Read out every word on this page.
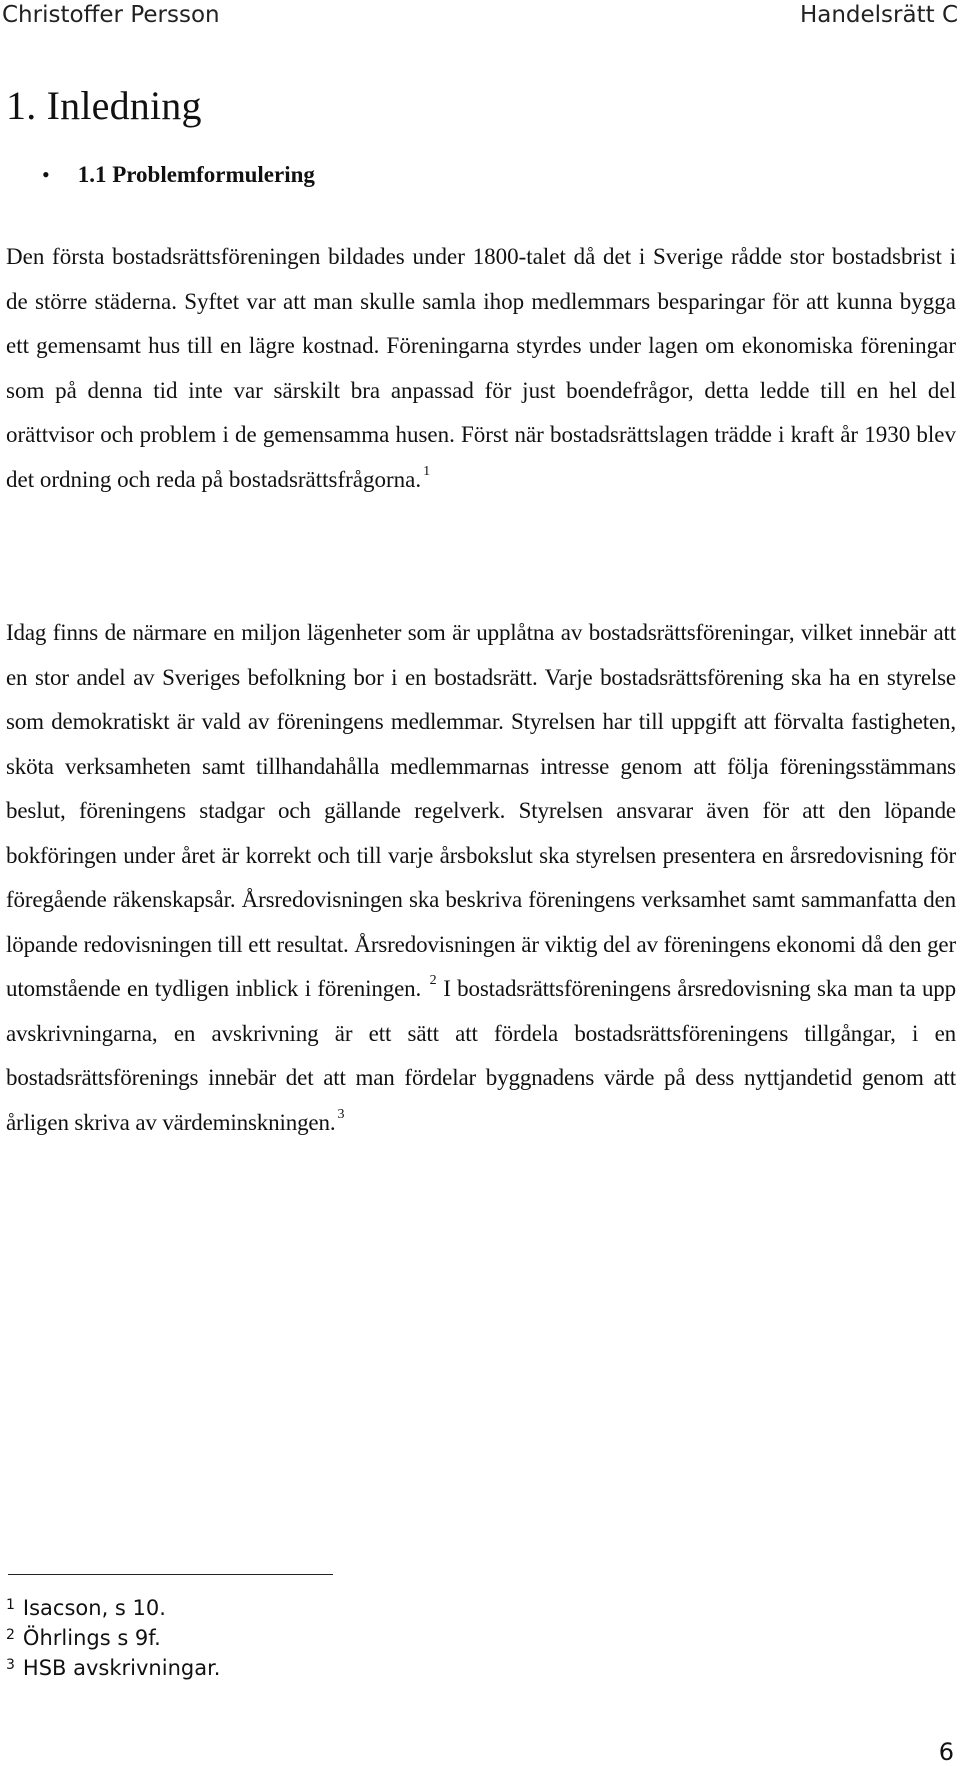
Christoffer Persson	Handelsrätt C
1. Inledning
• 1.1 Problemformulering

Den första bostadsrättsföreningen bildades under 1800-talet då det i Sverige rådde stor bostadsbrist i de större städerna. Syftet var att man skulle samla ihop medlemmars besparingar för att kunna bygga ett gemensamt hus till en lägre kostnad. Föreningarna styrdes under lagen om ekonomiska föreningar som på denna tid inte var särskilt bra anpassad för just boendefrågor, detta ledde till en hel del orättvisor och problem i de gemensamma husen. Först när bostadsrättslagen trädde i kraft år 1930 blev det ordning och reda på bostadsrättsfrågorna. $^1$

Idag finns de närmare en miljon lägenheter som är upplåtna av bostadsrättsföreningar, vilket innebär att en stor andel av Sveriges befolkning bor i en bostadsrätt. Varje bostadsrättsförening ska ha en styrelse som demokratiskt är vald av föreningens medlemmar. Styrelsen har till uppgift att förvalta fastigheten, sköta verksamheten samt tillhandahålla medlemmarnas intresse genom att följa föreningsstämmans beslut, föreningens stadgar och gällande regelverk. Styrelsen ansvarar även för att den löpande bokföringen under året är korrekt och till varje årsbokslut ska styrelsen presentera en årsredovisning för föregående räkenskapsår. Årsredovisningen ska beskriva föreningens verksamhet samt sammanfatta den löpande redovisningen till ett resultat. Årsredovisningen är viktig del av föreningens ekonomi då den ger utomstående en tydligen inblick i föreningen. $^2$ I bostadsrättsföreningens årsredovisning ska man ta upp avskrivningarna, en avskrivning är ett sätt att fördela bostadsrättsföreningens tillgångar, i en bostadsrättsförenings innebär det att man fördelar byggnadens värde på dess nyttjandetid genom att årligen skriva av värdeminskningen. $^3$

$^1$ Isacson, s 10.
$^2$ Öhrlings s 9f.
$^3$ HSB avskrivningar.
6
